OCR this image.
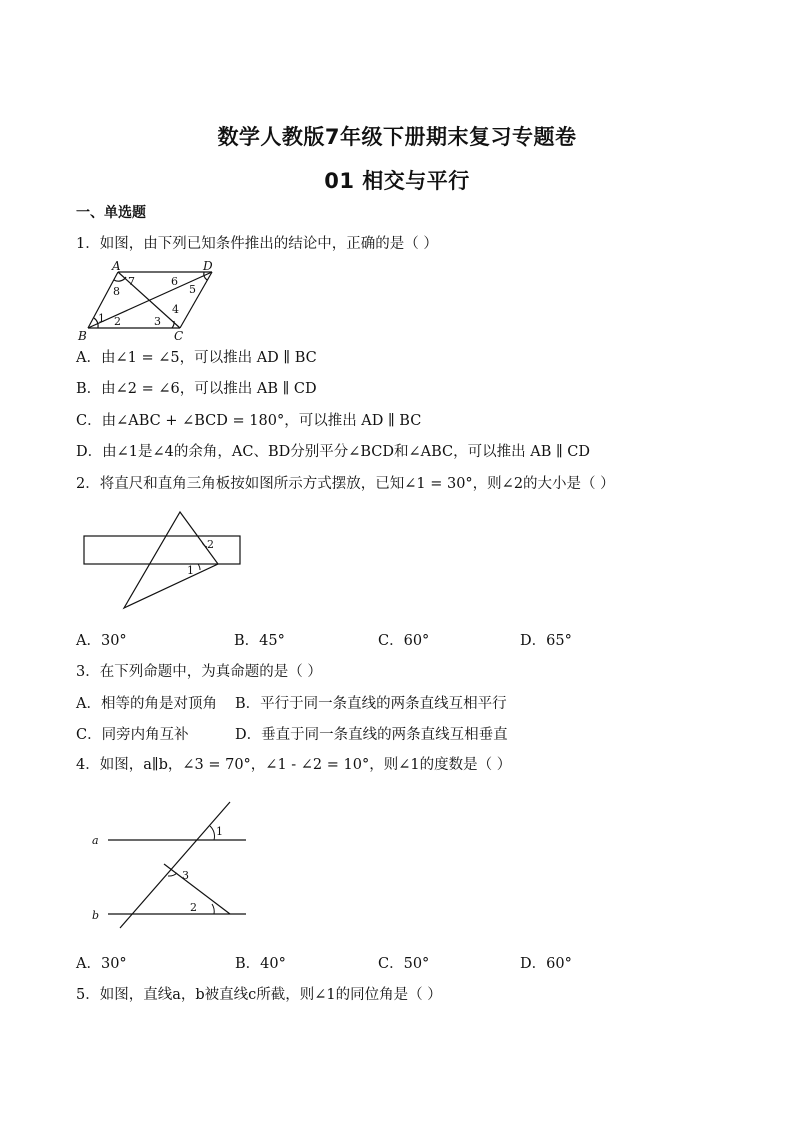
数学人教版7年级下册期末复习专题卷
01 相交与平行
一、单选题
1．如图，由下列已知条件推出的结论中，正确的是（ ）
A	D
B	C
1 2	3
4
5
6
7
8
A．由∠1 = ∠5，可以推出 AD ∥ BC
B．由∠2 = ∠6，可以推出 AB ∥ CD
C．由∠ABC + ∠BCD = 180°，可以推出 AD ∥ BC
D．由∠1是∠4的余角，AC、BD分别平分∠BCD和∠ABC，可以推出 AB ∥ CD
2．将直尺和直角三角板按如图所示方式摆放，已知∠1 = 30°，则∠2的大小是（ ）
1
2
A．30°	B．45°	C．60°	D．65°
3．在下列命题中，为真命题的是（ ）
A．相等的角是对顶角 B．平行于同一条直线的两条直线互相平行
C．同旁内角互补	D．垂直于同一条直线的两条直线互相垂直
4．如图，a∥b，∠3 = 70°，∠1 - ∠2 = 10°，则∠1的度数是（ ）
a
b
1
3
2
A．30°	B．40°	C．50°	D．60°
5．如图，直线a，b被直线c所截，则∠1的同位角是（ ）
